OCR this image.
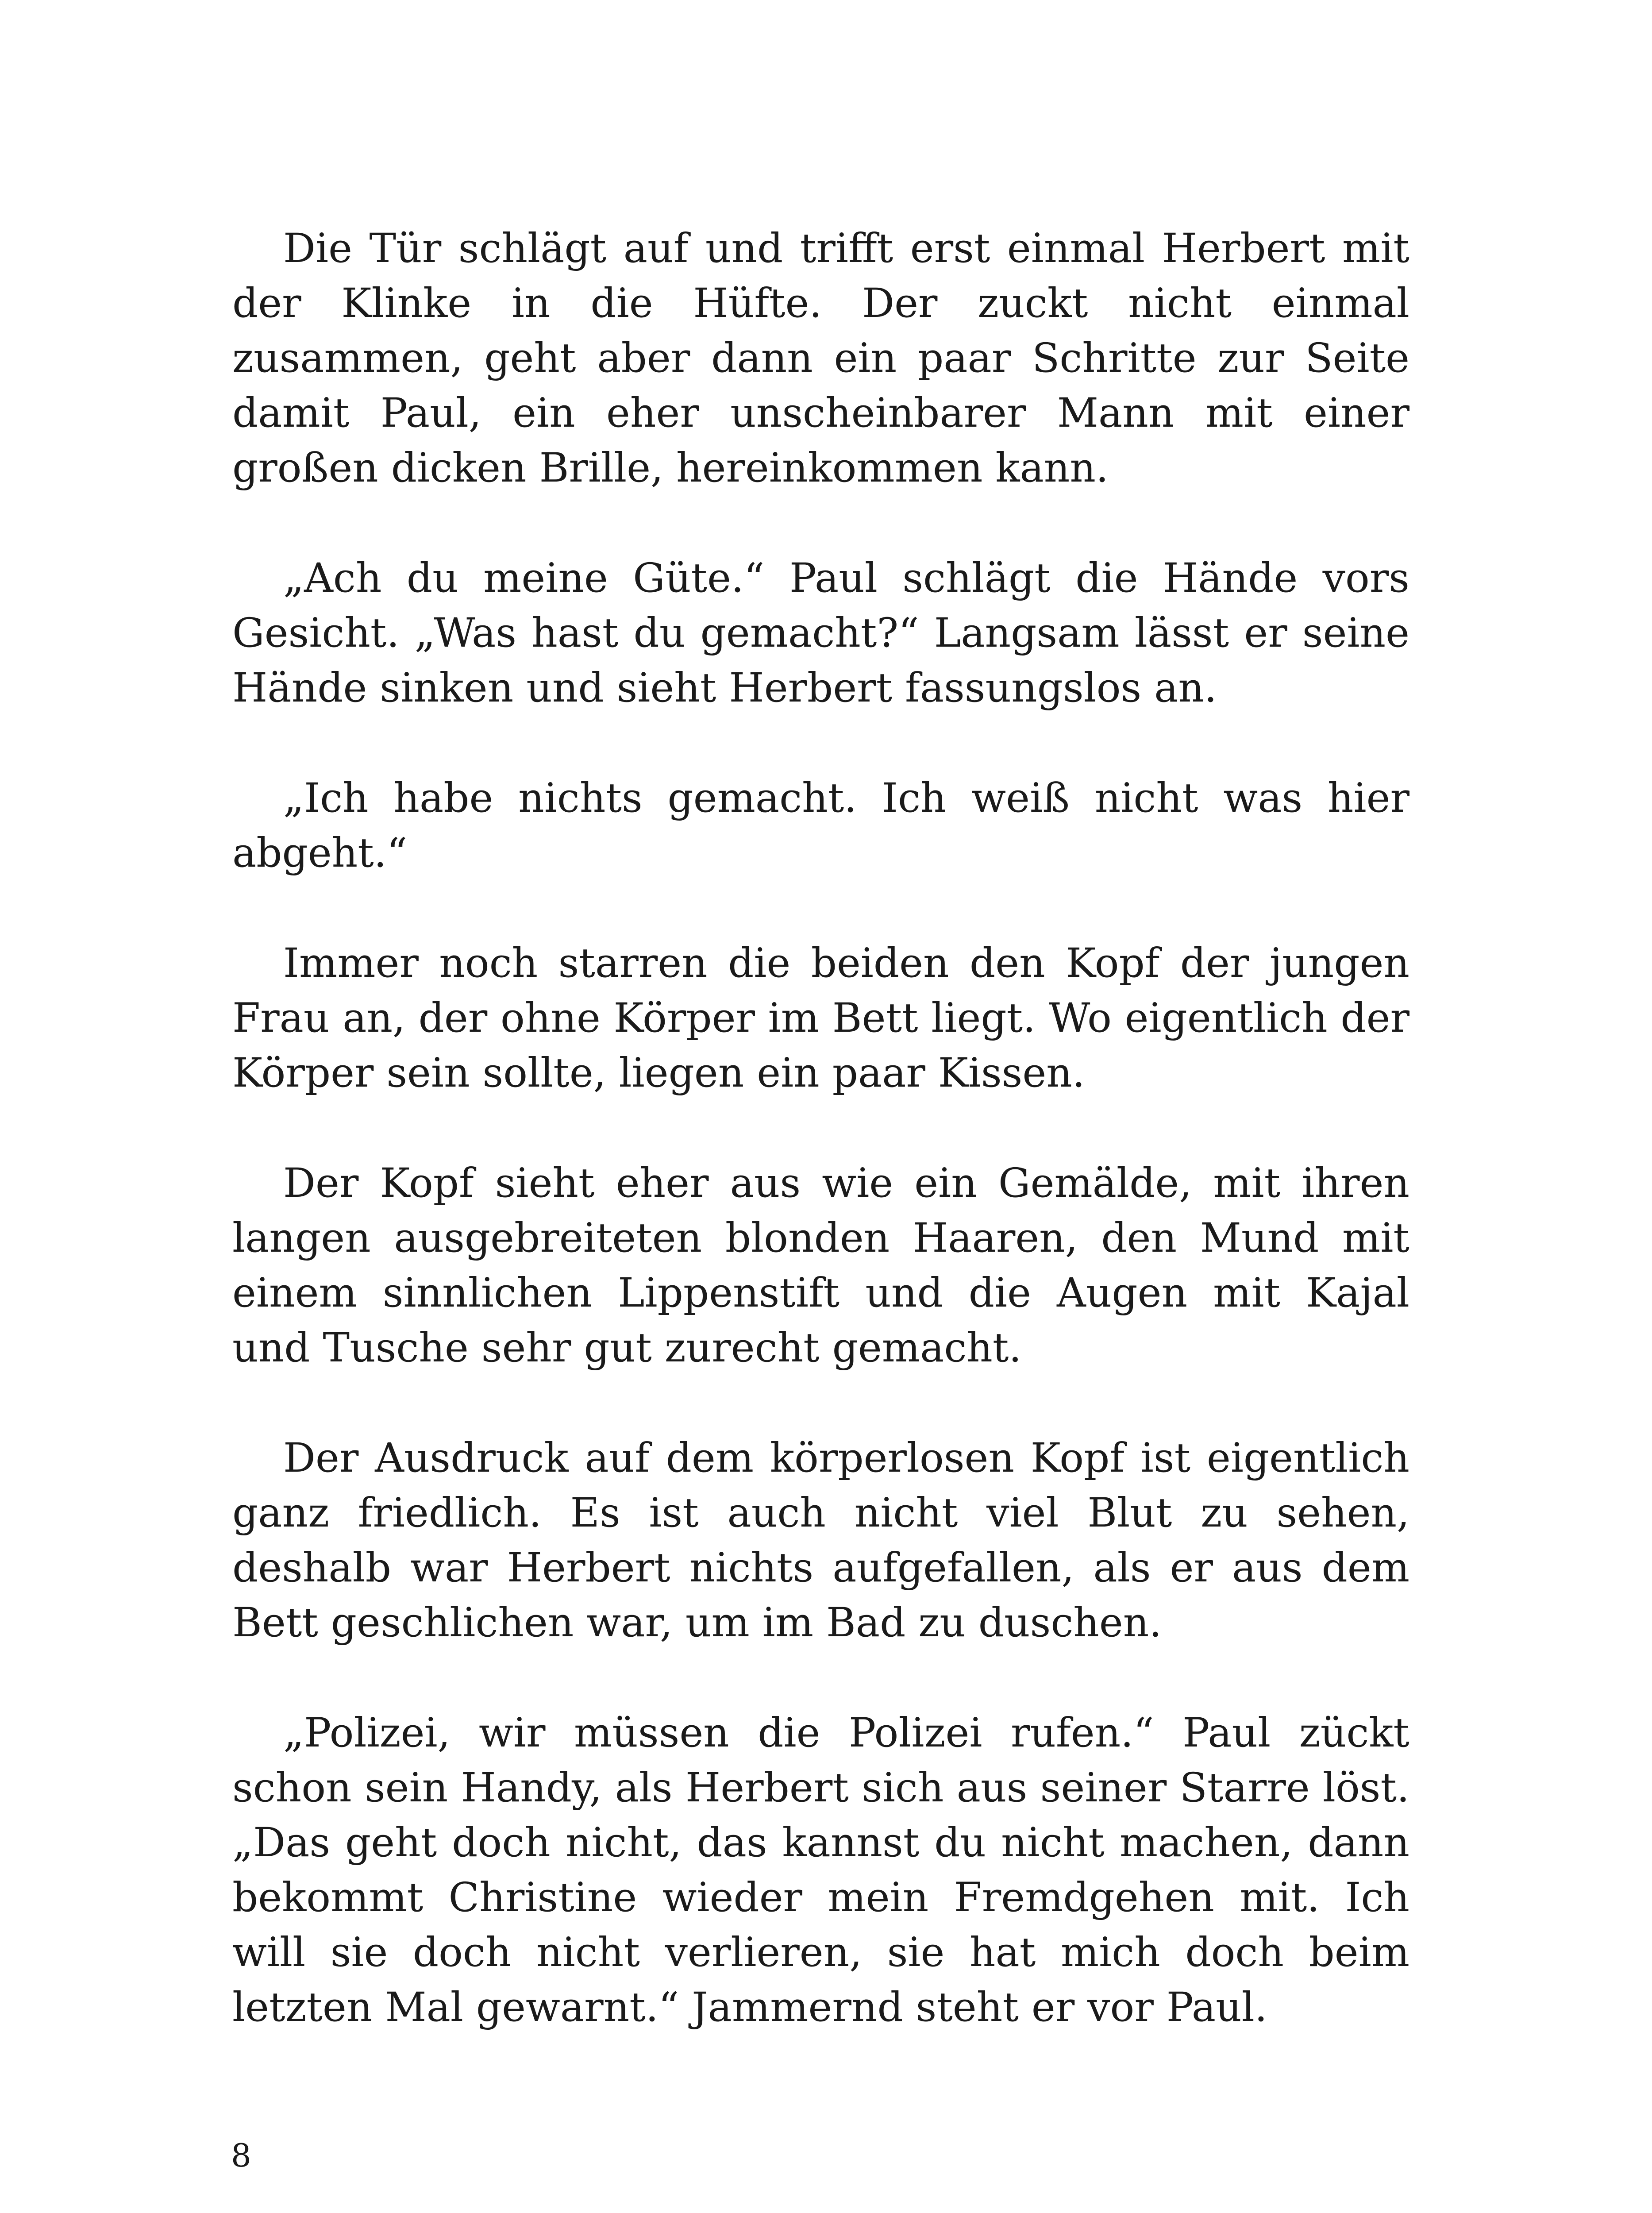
Die Tür schlägt auf und trifft erst einmal Herbert mit der Klinke in die Hüfte. Der zuckt nicht einmal zusammen, geht aber dann ein paar Schritte zur Seite damit Paul, ein eher unscheinbarer Mann mit einer großen dicken Brille, hereinkommen kann.

„Ach du meine Güte.“ Paul schlägt die Hände vors Gesicht. „Was hast du gemacht?“ Langsam lässt er seine Hände sinken und sieht Herbert fassungslos an.

„Ich habe nichts gemacht. Ich weiß nicht was hier abgeht.“

Immer noch starren die beiden den Kopf der jungen Frau an, der ohne Körper im Bett liegt. Wo eigentlich der Körper sein sollte, liegen ein paar Kissen.

Der Kopf sieht eher aus wie ein Gemälde, mit ihren langen ausgebreiteten blonden Haaren, den Mund mit einem sinnlichen Lippenstift und die Augen mit Kajal und Tusche sehr gut zurecht gemacht.

Der Ausdruck auf dem körperlosen Kopf ist eigentlich ganz friedlich. Es ist auch nicht viel Blut zu sehen, deshalb war Herbert nichts aufgefallen, als er aus dem Bett geschlichen war, um im Bad zu duschen.

„Polizei, wir müssen die Polizei rufen.“ Paul zückt schon sein Handy, als Herbert sich aus seiner Starre löst. „Das geht doch nicht, das kannst du nicht machen, dann bekommt Christine wieder mein Fremdgehen mit. Ich will sie doch nicht verlieren, sie hat mich doch beim letzten Mal gewarnt.“ Jammernd steht er vor Paul.

8
